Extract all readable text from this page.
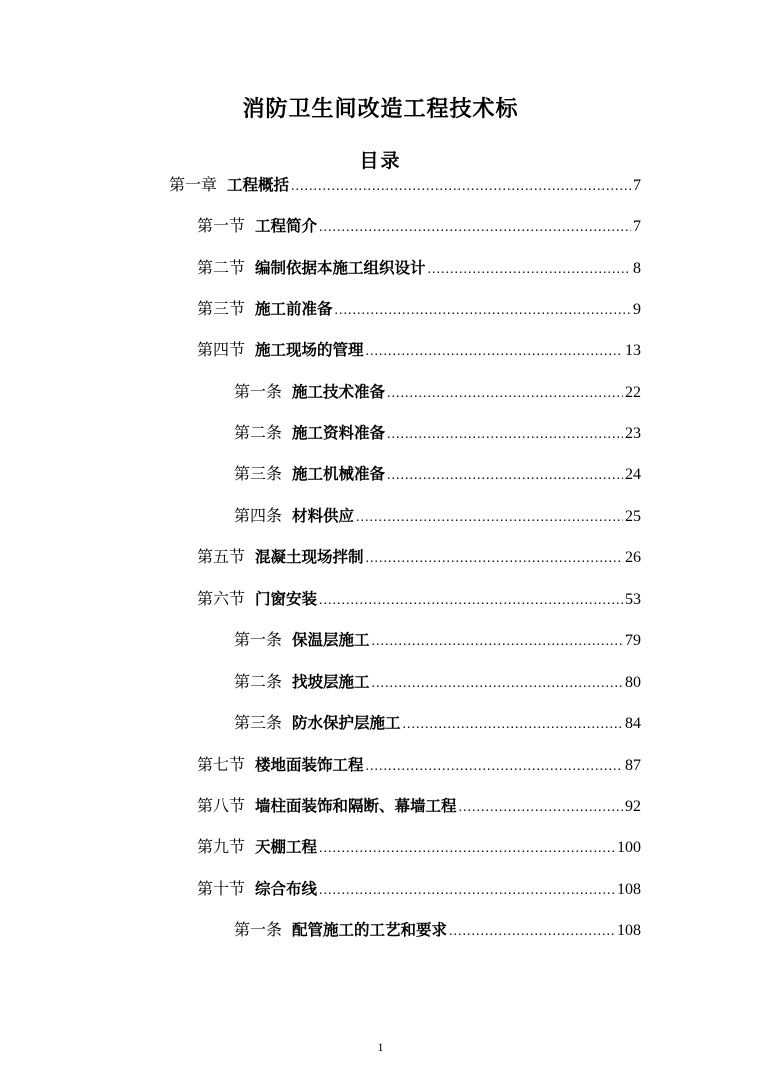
消防卫生间改造工程技术标
目录
第一章 工程概括 .....	7
第一节 工程简介 .....	7
第二节 编制依据本施工组织设计 .....	8
第三节 施工前准备 .....	9
第四节 施工现场的管理 .....	13
第一条 施工技术准备 .....	22
第二条 施工资料准备 .....	23
第三条 施工机械准备 .....	24
第四条 材料供应 .....	25
第五节 混凝土现场拌制 .....	26
第六节 门窗安装 .....	53
第一条 保温层施工 .....	79
第二条 找坡层施工 .....	80
第三条 防水保护层施工 .....	84
第七节 楼地面装饰工程 .....	87
第八节 墙柱面装饰和隔断、幕墙工程 .....	92
第九节 天棚工程 .....	100
第十节 综合布线 .....	108
第一条 配管施工的工艺和要求 .....	108
1
